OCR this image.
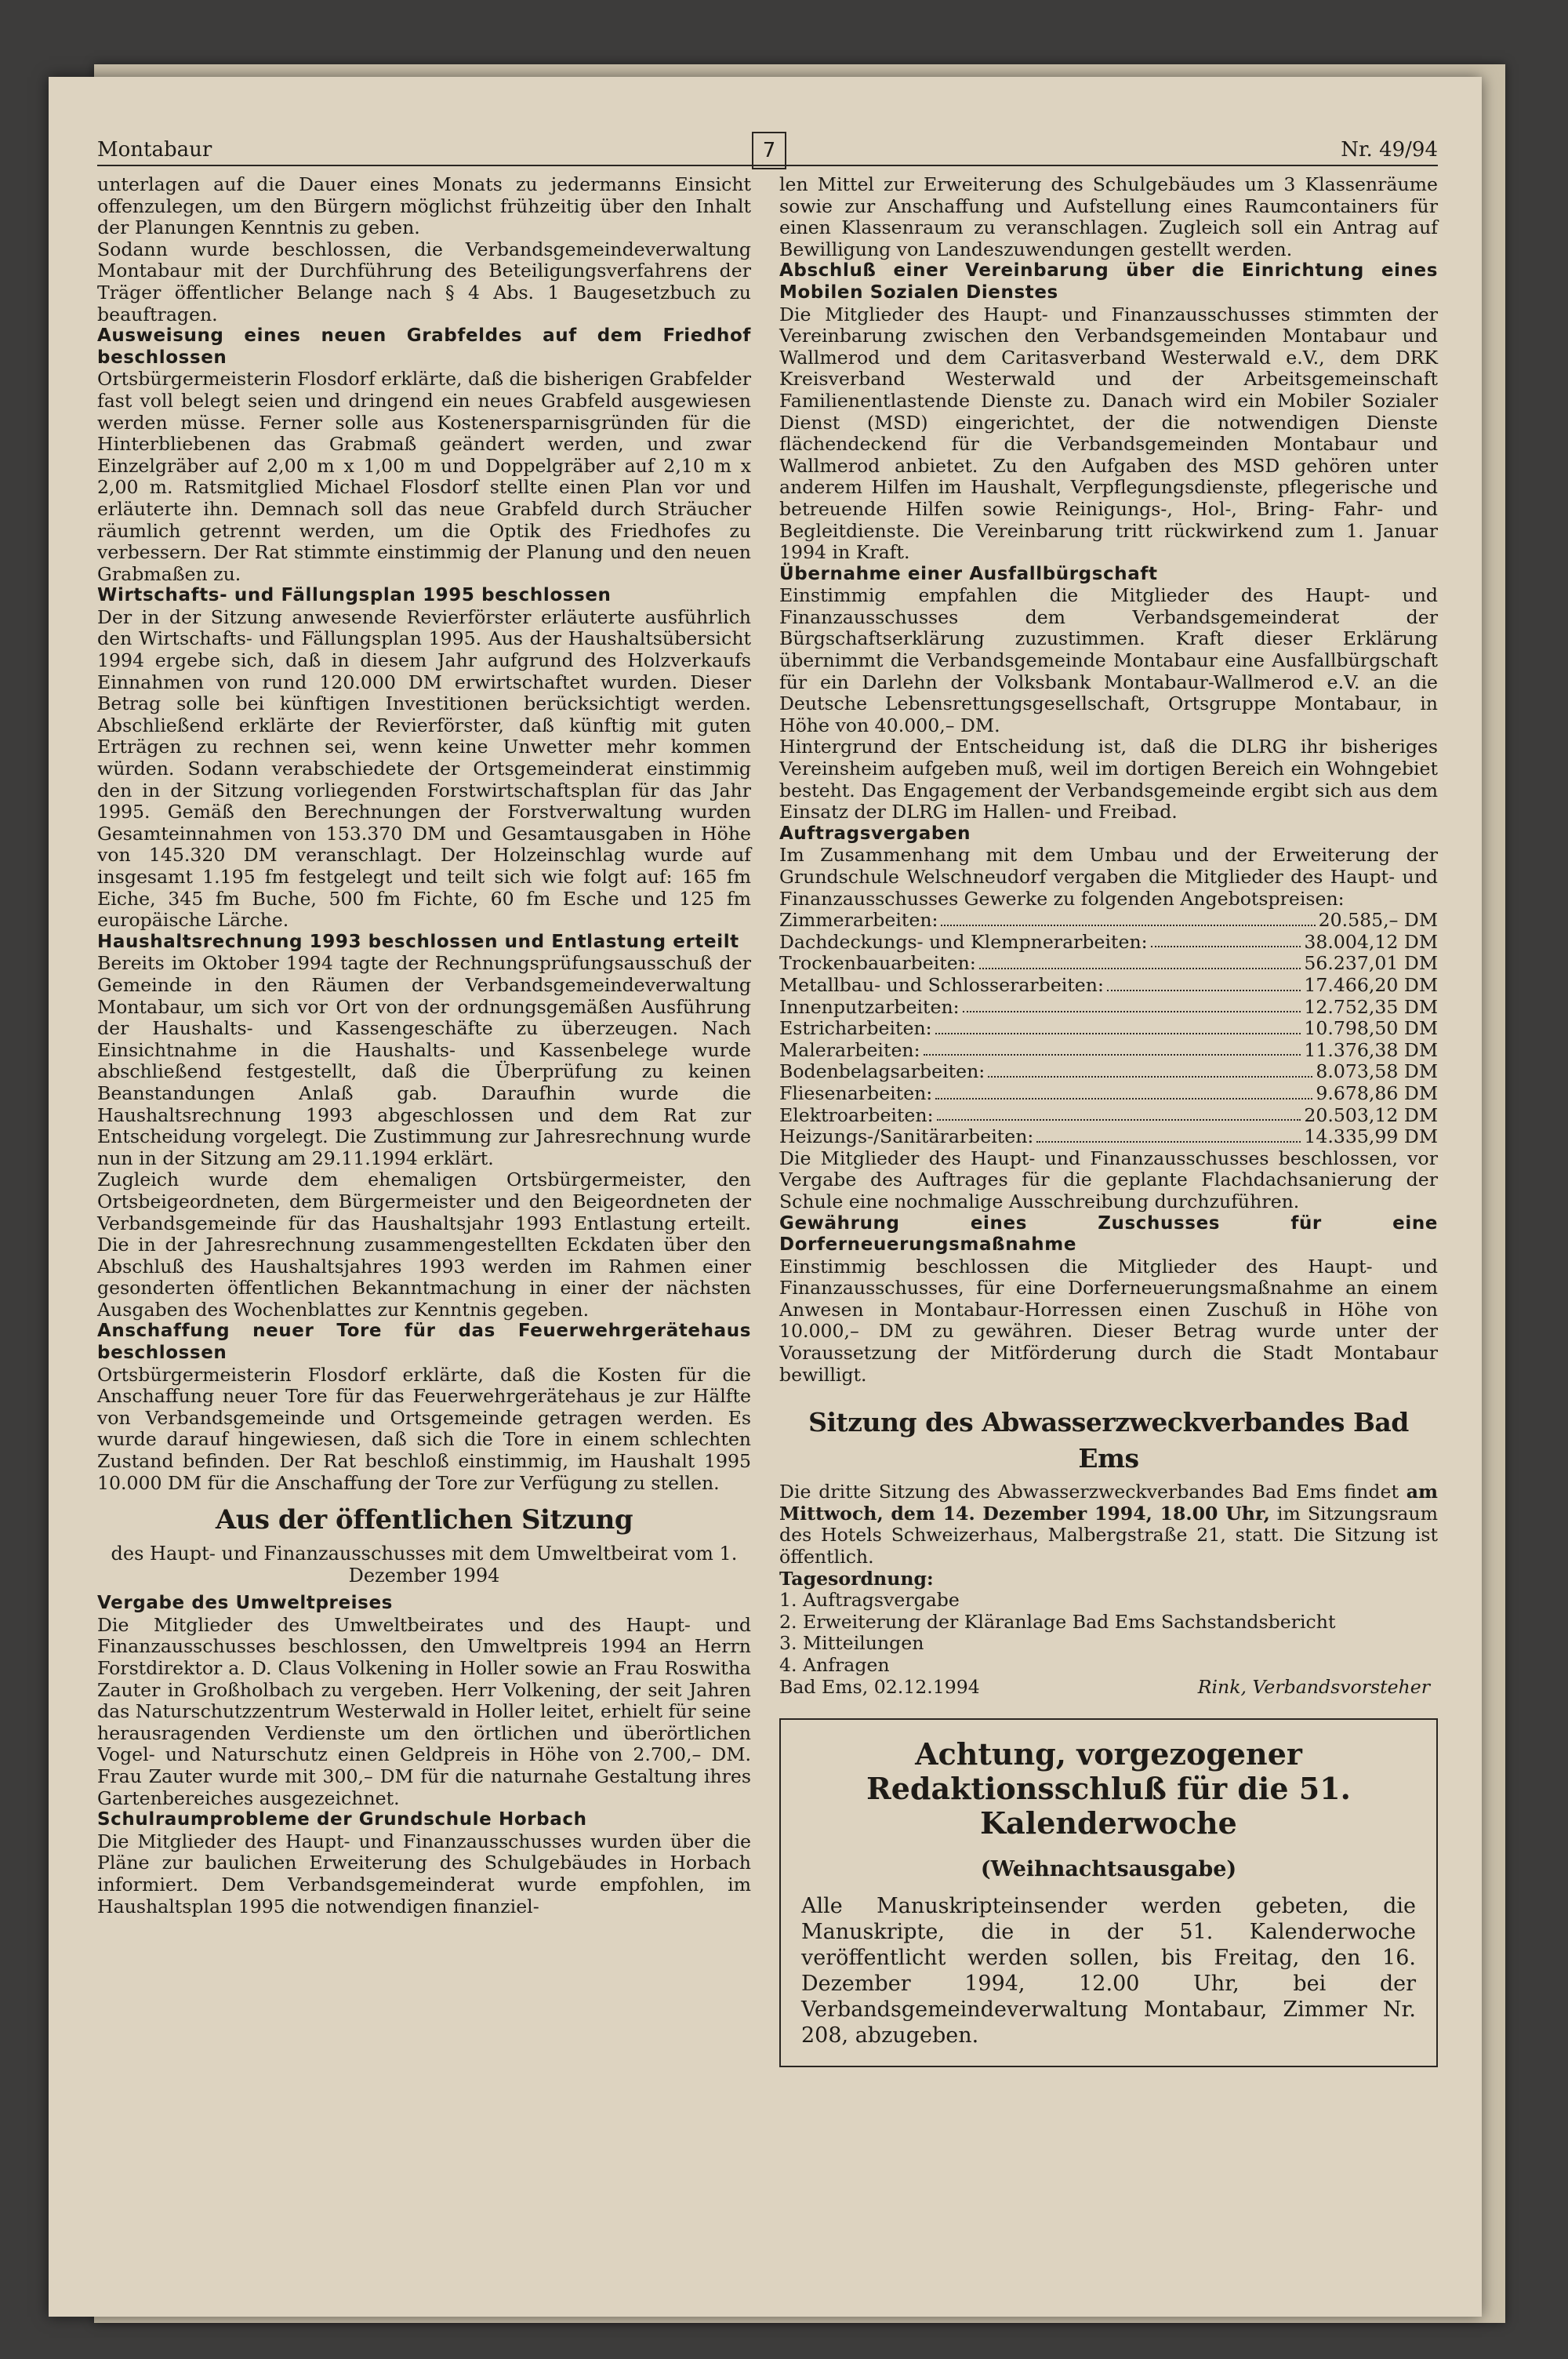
Montabaur	7	Nr. 49/94

unterlagen auf die Dauer eines Monats zu jedermanns Einsicht offenzulegen, um den Bürgern möglichst frühzeitig über den Inhalt der Planungen Kenntnis zu geben.

Sodann wurde beschlossen, die Verbandsgemeindeverwaltung Montabaur mit der Durchführung des Beteiligungsverfahrens der Träger öffentlicher Belange nach § 4 Abs. 1 Baugesetzbuch zu beauftragen.

Ausweisung eines neuen Grabfeldes auf dem Friedhof beschlossen

Ortsbürgermeisterin Flosdorf erklärte, daß die bisherigen Grabfelder fast voll belegt seien und dringend ein neues Grabfeld ausgewiesen werden müsse. Ferner solle aus Kostenersparnisgründen für die Hinterbliebenen das Grabmaß geändert werden, und zwar Einzelgräber auf 2,00 m x 1,00 m und Doppelgräber auf 2,10 m x 2,00 m. Ratsmitglied Michael Flosdorf stellte einen Plan vor und erläuterte ihn. Demnach soll das neue Grabfeld durch Sträucher räumlich getrennt werden, um die Optik des Friedhofes zu verbessern. Der Rat stimmte einstimmig der Planung und den neuen Grabmaßen zu.

Wirtschafts- und Fällungsplan 1995 beschlossen

Der in der Sitzung anwesende Revierförster erläuterte ausführlich den Wirtschafts- und Fällungsplan 1995. Aus der Haushaltsübersicht 1994 ergebe sich, daß in diesem Jahr aufgrund des Holzverkaufs Einnahmen von rund 120.000 DM erwirtschaftet wurden. Dieser Betrag solle bei künftigen Investitionen berücksichtigt werden. Abschließend erklärte der Revierförster, daß künftig mit guten Erträgen zu rechnen sei, wenn keine Unwetter mehr kommen würden. Sodann verabschiedete der Ortsgemeinderat einstimmig den in der Sitzung vorliegenden Forstwirtschaftsplan für das Jahr 1995. Gemäß den Berechnungen der Forstverwaltung wurden Gesamteinnahmen von 153.370 DM und Gesamtausgaben in Höhe von 145.320 DM veranschlagt. Der Holzeinschlag wurde auf insgesamt 1.195 fm festgelegt und teilt sich wie folgt auf: 165 fm Eiche, 345 fm Buche, 500 fm Fichte, 60 fm Esche und 125 fm europäische Lärche.

Haushaltsrechnung 1993 beschlossen und Entlastung erteilt

Bereits im Oktober 1994 tagte der Rechnungsprüfungsausschuß der Gemeinde in den Räumen der Verbandsgemeindeverwaltung Montabaur, um sich vor Ort von der ordnungsgemäßen Ausführung der Haushalts- und Kassengeschäfte zu überzeugen. Nach Einsichtnahme in die Haushalts- und Kassenbelege wurde abschließend festgestellt, daß die Überprüfung zu keinen Beanstandungen Anlaß gab. Daraufhin wurde die Haushaltsrechnung 1993 abgeschlossen und dem Rat zur Entscheidung vorgelegt. Die Zustimmung zur Jahresrechnung wurde nun in der Sitzung am 29.11.1994 erklärt.

Zugleich wurde dem ehemaligen Ortsbürgermeister, den Ortsbeigeordneten, dem Bürgermeister und den Beigeordneten der Verbandsgemeinde für das Haushaltsjahr 1993 Entlastung erteilt. Die in der Jahresrechnung zusammengestellten Eckdaten über den Abschluß des Haushaltsjahres 1993 werden im Rahmen einer gesonderten öffentlichen Bekanntmachung in einer der nächsten Ausgaben des Wochenblattes zur Kenntnis gegeben.

Anschaffung neuer Tore für das Feuerwehrgerätehaus beschlossen

Ortsbürgermeisterin Flosdorf erklärte, daß die Kosten für die Anschaffung neuer Tore für das Feuerwehrgerätehaus je zur Hälfte von Verbandsgemeinde und Ortsgemeinde getragen werden. Es wurde darauf hingewiesen, daß sich die Tore in einem schlechten Zustand befinden. Der Rat beschloß einstimmig, im Haushalt 1995 10.000 DM für die Anschaffung der Tore zur Verfügung zu stellen.

Aus der öffentlichen Sitzung
des Haupt- und Finanzausschusses mit dem Umweltbeirat vom 1. Dezember 1994
Vergabe des Umweltpreises

Die Mitglieder des Umweltbeirates und des Haupt- und Finanzausschusses beschlossen, den Umweltpreis 1994 an Herrn Forstdirektor a. D. Claus Volkening in Holler sowie an Frau Roswitha Zauter in Großholbach zu vergeben. Herr Volkening, der seit Jahren das Naturschutzzentrum Westerwald in Holler leitet, erhielt für seine herausragenden Verdienste um den örtlichen und überörtlichen Vogel- und Naturschutz einen Geldpreis in Höhe von 2.700,– DM. Frau Zauter wurde mit 300,– DM für die naturnahe Gestaltung ihres Gartenbereiches ausgezeichnet.

Schulraumprobleme der Grundschule Horbach

Die Mitglieder des Haupt- und Finanzausschusses wurden über die Pläne zur baulichen Erweiterung des Schulgebäudes in Horbach informiert. Dem Verbandsgemeinderat wurde empfohlen, im Haushaltsplan 1995 die notwendigen finanziel-

len Mittel zur Erweiterung des Schulgebäudes um 3 Klassenräume sowie zur Anschaffung und Aufstellung eines Raumcontainers für einen Klassenraum zu veranschlagen. Zugleich soll ein Antrag auf Bewilligung von Landeszuwendungen gestellt werden.

Abschluß einer Vereinbarung über die Einrichtung eines Mobilen Sozialen Dienstes

Die Mitglieder des Haupt- und Finanzausschusses stimmten der Vereinbarung zwischen den Verbandsgemeinden Montabaur und Wallmerod und dem Caritasverband Westerwald e.V., dem DRK Kreisverband Westerwald und der Arbeitsgemeinschaft Familienentlastende Dienste zu. Danach wird ein Mobiler Sozialer Dienst (MSD) eingerichtet, der die notwendigen Dienste flächendeckend für die Verbandsgemeinden Montabaur und Wallmerod anbietet. Zu den Aufgaben des MSD gehören unter anderem Hilfen im Haushalt, Verpflegungsdienste, pflegerische und betreuende Hilfen sowie Reinigungs-, Hol-, Bring- Fahr- und Begleitdienste. Die Vereinbarung tritt rückwirkend zum 1. Januar 1994 in Kraft.

Übernahme einer Ausfallbürgschaft

Einstimmig empfahlen die Mitglieder des Haupt- und Finanzausschusses dem Verbandsgemeinderat der Bürgschaftserklärung zuzustimmen. Kraft dieser Erklärung übernimmt die Verbandsgemeinde Montabaur eine Ausfallbürgschaft für ein Darlehn der Volksbank Montabaur-Wallmerod e.V. an die Deutsche Lebensrettungsgesellschaft, Ortsgruppe Montabaur, in Höhe von 40.000,– DM.

Hintergrund der Entscheidung ist, daß die DLRG ihr bisheriges Vereinsheim aufgeben muß, weil im dortigen Bereich ein Wohngebiet besteht. Das Engagement der Verbandsgemeinde ergibt sich aus dem Einsatz der DLRG im Hallen- und Freibad.

Auftragsvergaben

Im Zusammenhang mit dem Umbau und der Erweiterung der Grundschule Welschneudorf vergaben die Mitglieder des Haupt- und Finanzausschusses Gewerke zu folgenden Angebotspreisen:

Zimmerarbeiten:	20.585,– DM
Dachdeckungs- und Klempnerarbeiten:	38.004,12 DM
Trockenbauarbeiten:	56.237,01 DM
Metallbau- und Schlosserarbeiten:	17.466,20 DM
Innenputzarbeiten:	12.752,35 DM
Estricharbeiten:	10.798,50 DM
Malerarbeiten:	11.376,38 DM
Bodenbelagsarbeiten:	8.073,58 DM
Fliesenarbeiten:	9.678,86 DM
Elektroarbeiten:	20.503,12 DM
Heizungs-/Sanitärarbeiten:	14.335,99 DM

Die Mitglieder des Haupt- und Finanzausschusses beschlossen, vor Vergabe des Auftrages für die geplante Flachdachsanierung der Schule eine nochmalige Ausschreibung durchzuführen.

Gewährung eines Zuschusses für eine Dorferneuerungsmaßnahme

Einstimmig beschlossen die Mitglieder des Haupt- und Finanzausschusses, für eine Dorferneuerungsmaßnahme an einem Anwesen in Montabaur-Horressen einen Zuschuß in Höhe von 10.000,– DM zu gewähren. Dieser Betrag wurde unter der Voraussetzung der Mitförderung durch die Stadt Montabaur bewilligt.

Sitzung des Abwasserzweckverbandes Bad Ems

Die dritte Sitzung des Abwasserzweckverbandes Bad Ems findet am Mittwoch, dem 14. Dezember 1994, 18.00 Uhr, im Sitzungsraum des Hotels Schweizerhaus, Malbergstraße 21, statt. Die Sitzung ist öffentlich.

Tagesordnung:
1. Auftragsvergabe
2. Erweiterung der Kläranlage Bad Ems Sachstandsbericht
3. Mitteilungen
4. Anfragen
Bad Ems, 02.12.1994	Rink, Verbandsvorsteher
Achtung, vorgezogener Redaktionsschluß für die 51. Kalenderwoche
(Weihnachtsausgabe)
Alle Manuskripteinsender werden gebeten, die Manuskripte, die in der 51. Kalenderwoche veröffentlicht werden sollen, bis Freitag, den 16. Dezember 1994, 12.00 Uhr, bei der Verbandsgemeindeverwaltung Montabaur, Zimmer Nr. 208, abzugeben.
